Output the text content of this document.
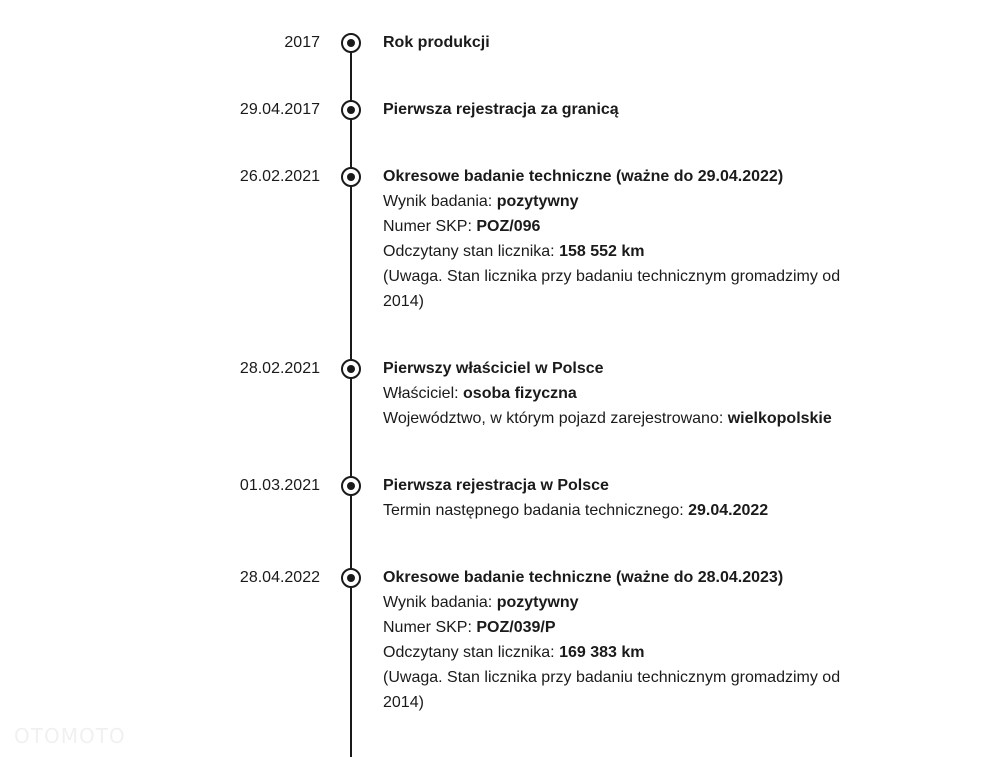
2017	Rok produkcji
29.04.2017	Pierwsza rejestracja za granicą
26.02.2021	Okresowe badanie techniczne (ważne do 29.04.2022)
Wynik badania: pozytywny
Numer SKP: POZ/096
Odczytany stan licznika: 158 552 km
(Uwaga. Stan licznika przy badaniu technicznym gromadzimy od 2014)
28.02.2021	Pierwszy właściciel w Polsce
Właściciel: osoba fizyczna
Województwo, w którym pojazd zarejestrowano: wielkopolskie
01.03.2021	Pierwsza rejestracja w Polsce
Termin następnego badania technicznego: 29.04.2022
28.04.2022	Okresowe badanie techniczne (ważne do 28.04.2023)
Wynik badania: pozytywny
Numer SKP: POZ/039/P
Odczytany stan licznika: 169 383 km
(Uwaga. Stan licznika przy badaniu technicznym gromadzimy od 2014)
OTOMOTO
